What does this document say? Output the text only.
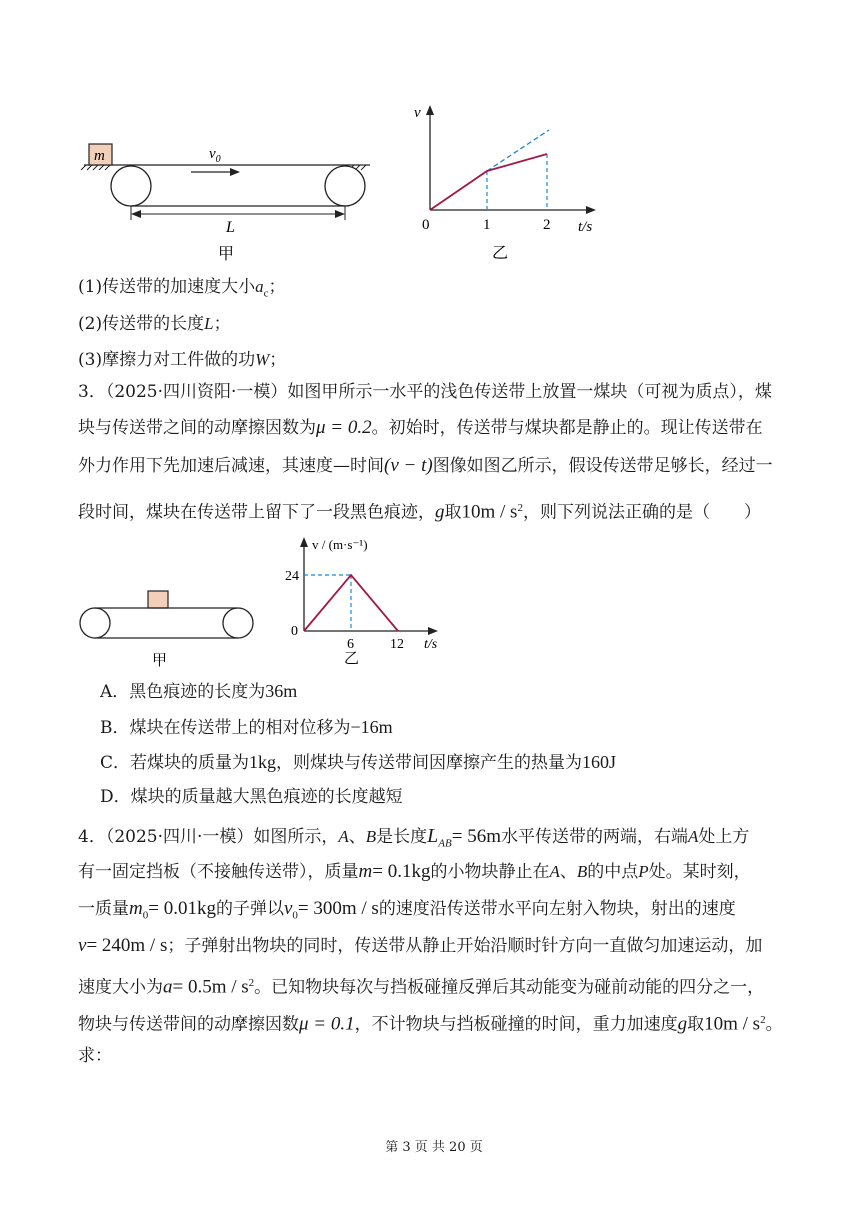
m	$v_0$
L
甲
v
t/s
0	1	2
乙
(1)传送带的加速度大小$a_c$；
(2)传送带的长度L；
(3)摩擦力对工件做的功W；
3．（2025·四川资阳·一模）如图甲所示一水平的浅色传送带上放置一煤块（可视为质点），煤
块与传送带之间的动摩擦因数为μ = 0.2。初始时，传送带与煤块都是静止的。现让传送带在
外力作用下先加速后减速，其速度—时间(v − t)图像如图乙所示，假设传送带足够长，经过一
段时间，煤块在传送带上留下了一段黑色痕迹，g取$10m / s^2$，则下列说法正确的是（　　）
甲
v / (m·s⁻¹)
t/s
乙
0
6	12
24
A．黑色痕迹的长度为36m
B．煤块在传送带上的相对位移为−16m
C．若煤块的质量为1kg，则煤块与传送带间因摩擦产生的热量为160J
D．煤块的质量越大黑色痕迹的长度越短
4．（2025·四川·一模）如图所示，A、B是长度$L_{AB}= 56m$水平传送带的两端，右端A处上方
有一固定挡板（不接触传送带），质量m= 0.1kg的小物块静止在A、B的中点P处。某时刻，
一质量$m_0= 0.01kg$的子弹以$v_0= 300m / s$的速度沿传送带水平向左射入物块，射出的速度
v= 240m / s；子弹射出物块的同时，传送带从静止开始沿顺时针方向一直做匀加速运动，加
速度大小为$a= 0.5m / s^2$。已知物块每次与挡板碰撞反弹后其动能变为碰前动能的四分之一，
物块与传送带间的动摩擦因数μ = 0.1，不计物块与挡板碰撞的时间，重力加速度g取$10m / s^2$。
求：
第 3 页 共 20 页
